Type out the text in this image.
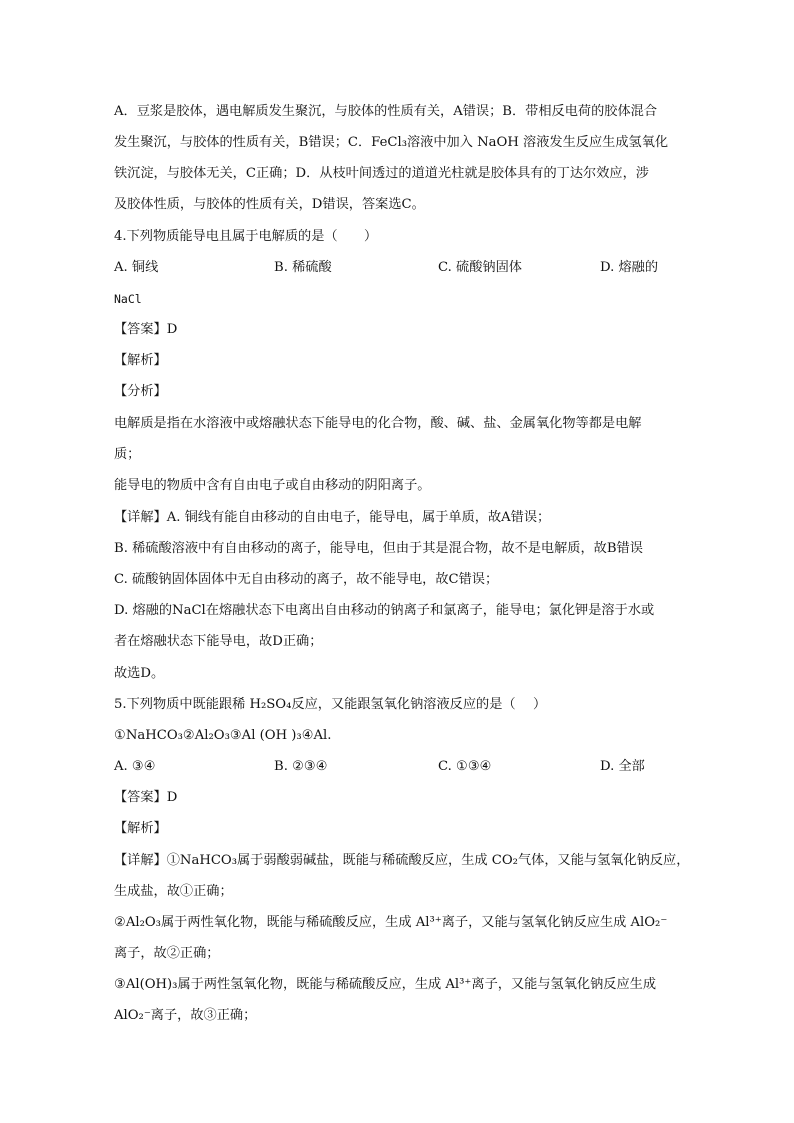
A．豆浆是胶体，遇电解质发生聚沉，与胶体的性质有关，A错误；B．带相反电荷的胶体混合
发生聚沉，与胶体的性质有关，B错误；C．FeCl₃溶液中加入 NaOH 溶液发生反应生成氢氧化
铁沉淀，与胶体无关，C正确；D．从枝叶间透过的道道光柱就是胶体具有的丁达尔效应，涉
及胶体性质，与胶体的性质有关，D错误，答案选C。
4.下列物质能导电且属于电解质的是（　　）
A. 铜线	B. 稀硫酸	C. 硫酸钠固体	D. 熔融的
NaCl
【答案】D
【解析】
【分析】
电解质是指在水溶液中或熔融状态下能导电的化合物，酸、碱、盐、金属氧化物等都是电解
质；
能导电的物质中含有自由电子或自由移动的阴阳离子。
【详解】A. 铜线有能自由移动的自由电子，能导电，属于单质，故A错误；
B. 稀硫酸溶液中有自由移动的离子，能导电，但由于其是混合物，故不是电解质，故B错误
C. 硫酸钠固体固体中无自由移动的离子，故不能导电，故C错误；
D. 熔融的NaCl在熔融状态下电离出自由移动的钠离子和氯离子，能导电；氯化钾是溶于水或
者在熔融状态下能导电，故D正确；
故选D。
5.下列物质中既能跟稀 H₂SO₄反应，又能跟氢氧化钠溶液反应的是（　 ）
①NaHCO₃②Al₂O₃③Al (OH )₃④Al.
A. ③④	B. ②③④	C. ①③④	D. 全部
【答案】D
【解析】
【详解】①NaHCO₃属于弱酸弱碱盐，既能与稀硫酸反应，生成 CO₂气体，又能与氢氧化钠反应，
生成盐，故①正确；
②Al₂O₃属于两性氧化物，既能与稀硫酸反应，生成 Al³⁺离子，又能与氢氧化钠反应生成 AlO₂⁻
离子，故②正确；
③Al(OH)₃属于两性氢氧化物，既能与稀硫酸反应，生成 Al³⁺离子，又能与氢氧化钠反应生成
AlO₂⁻离子，故③正确；
